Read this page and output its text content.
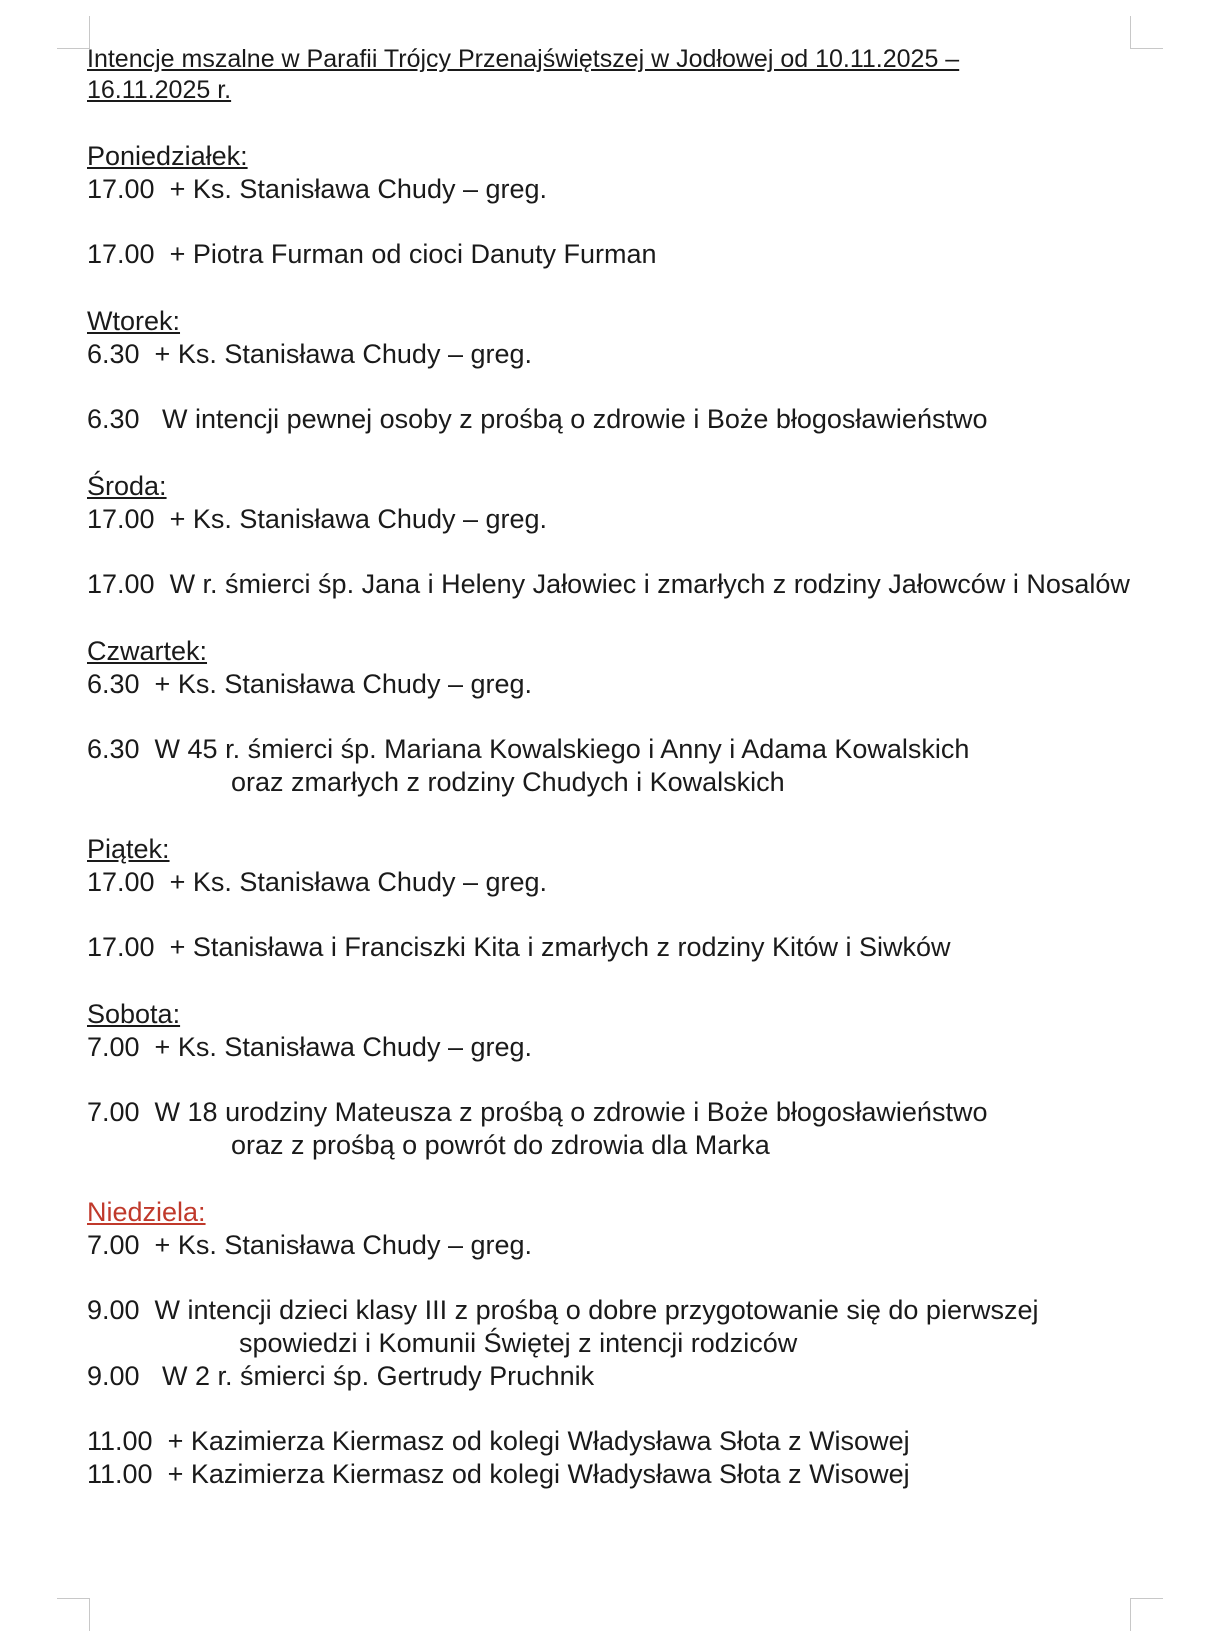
Intencje mszalne w Parafii Trójcy Przenajświętszej w Jodłowej od 10.11.2025 – 16.11.2025 r.
Poniedziałek:
17.00  + Ks. Stanisława Chudy – greg.
17.00  + Piotra Furman od cioci Danuty Furman
Wtorek:
6.30  + Ks. Stanisława Chudy – greg.
6.30   W intencji pewnej osoby z prośbą o zdrowie i Boże błogosławieństwo
Środa:
17.00  + Ks. Stanisława Chudy – greg.
17.00  W r. śmierci śp. Jana i Heleny Jałowiec i zmarłych z rodziny Jałowców i Nosalów
Czwartek:
6.30  + Ks. Stanisława Chudy – greg.
6.30  W 45 r. śmierci śp. Mariana Kowalskiego i Anny i Adama Kowalskich
oraz zmarłych z rodziny Chudych i Kowalskich
Piątek:
17.00  + Ks. Stanisława Chudy – greg.
17.00  + Stanisława i Franciszki Kita i zmarłych z rodziny Kitów i Siwków
Sobota:
7.00  + Ks. Stanisława Chudy – greg.
7.00  W 18 urodziny Mateusza z prośbą o zdrowie i Boże błogosławieństwo
oraz z prośbą o powrót do zdrowia dla Marka
Niedziela:
7.00  + Ks. Stanisława Chudy – greg.
9.00  W intencji dzieci klasy III z prośbą o dobre przygotowanie się do pierwszej
spowiedzi i Komunii Świętej z intencji rodziców
9.00   W 2 r. śmierci śp. Gertrudy Pruchnik
11.00  + Kazimierza Kiermasz od kolegi Władysława Słota z Wisowej
11.00  + Kazimierza Kiermasz od kolegi Władysława Słota z Wisowej
